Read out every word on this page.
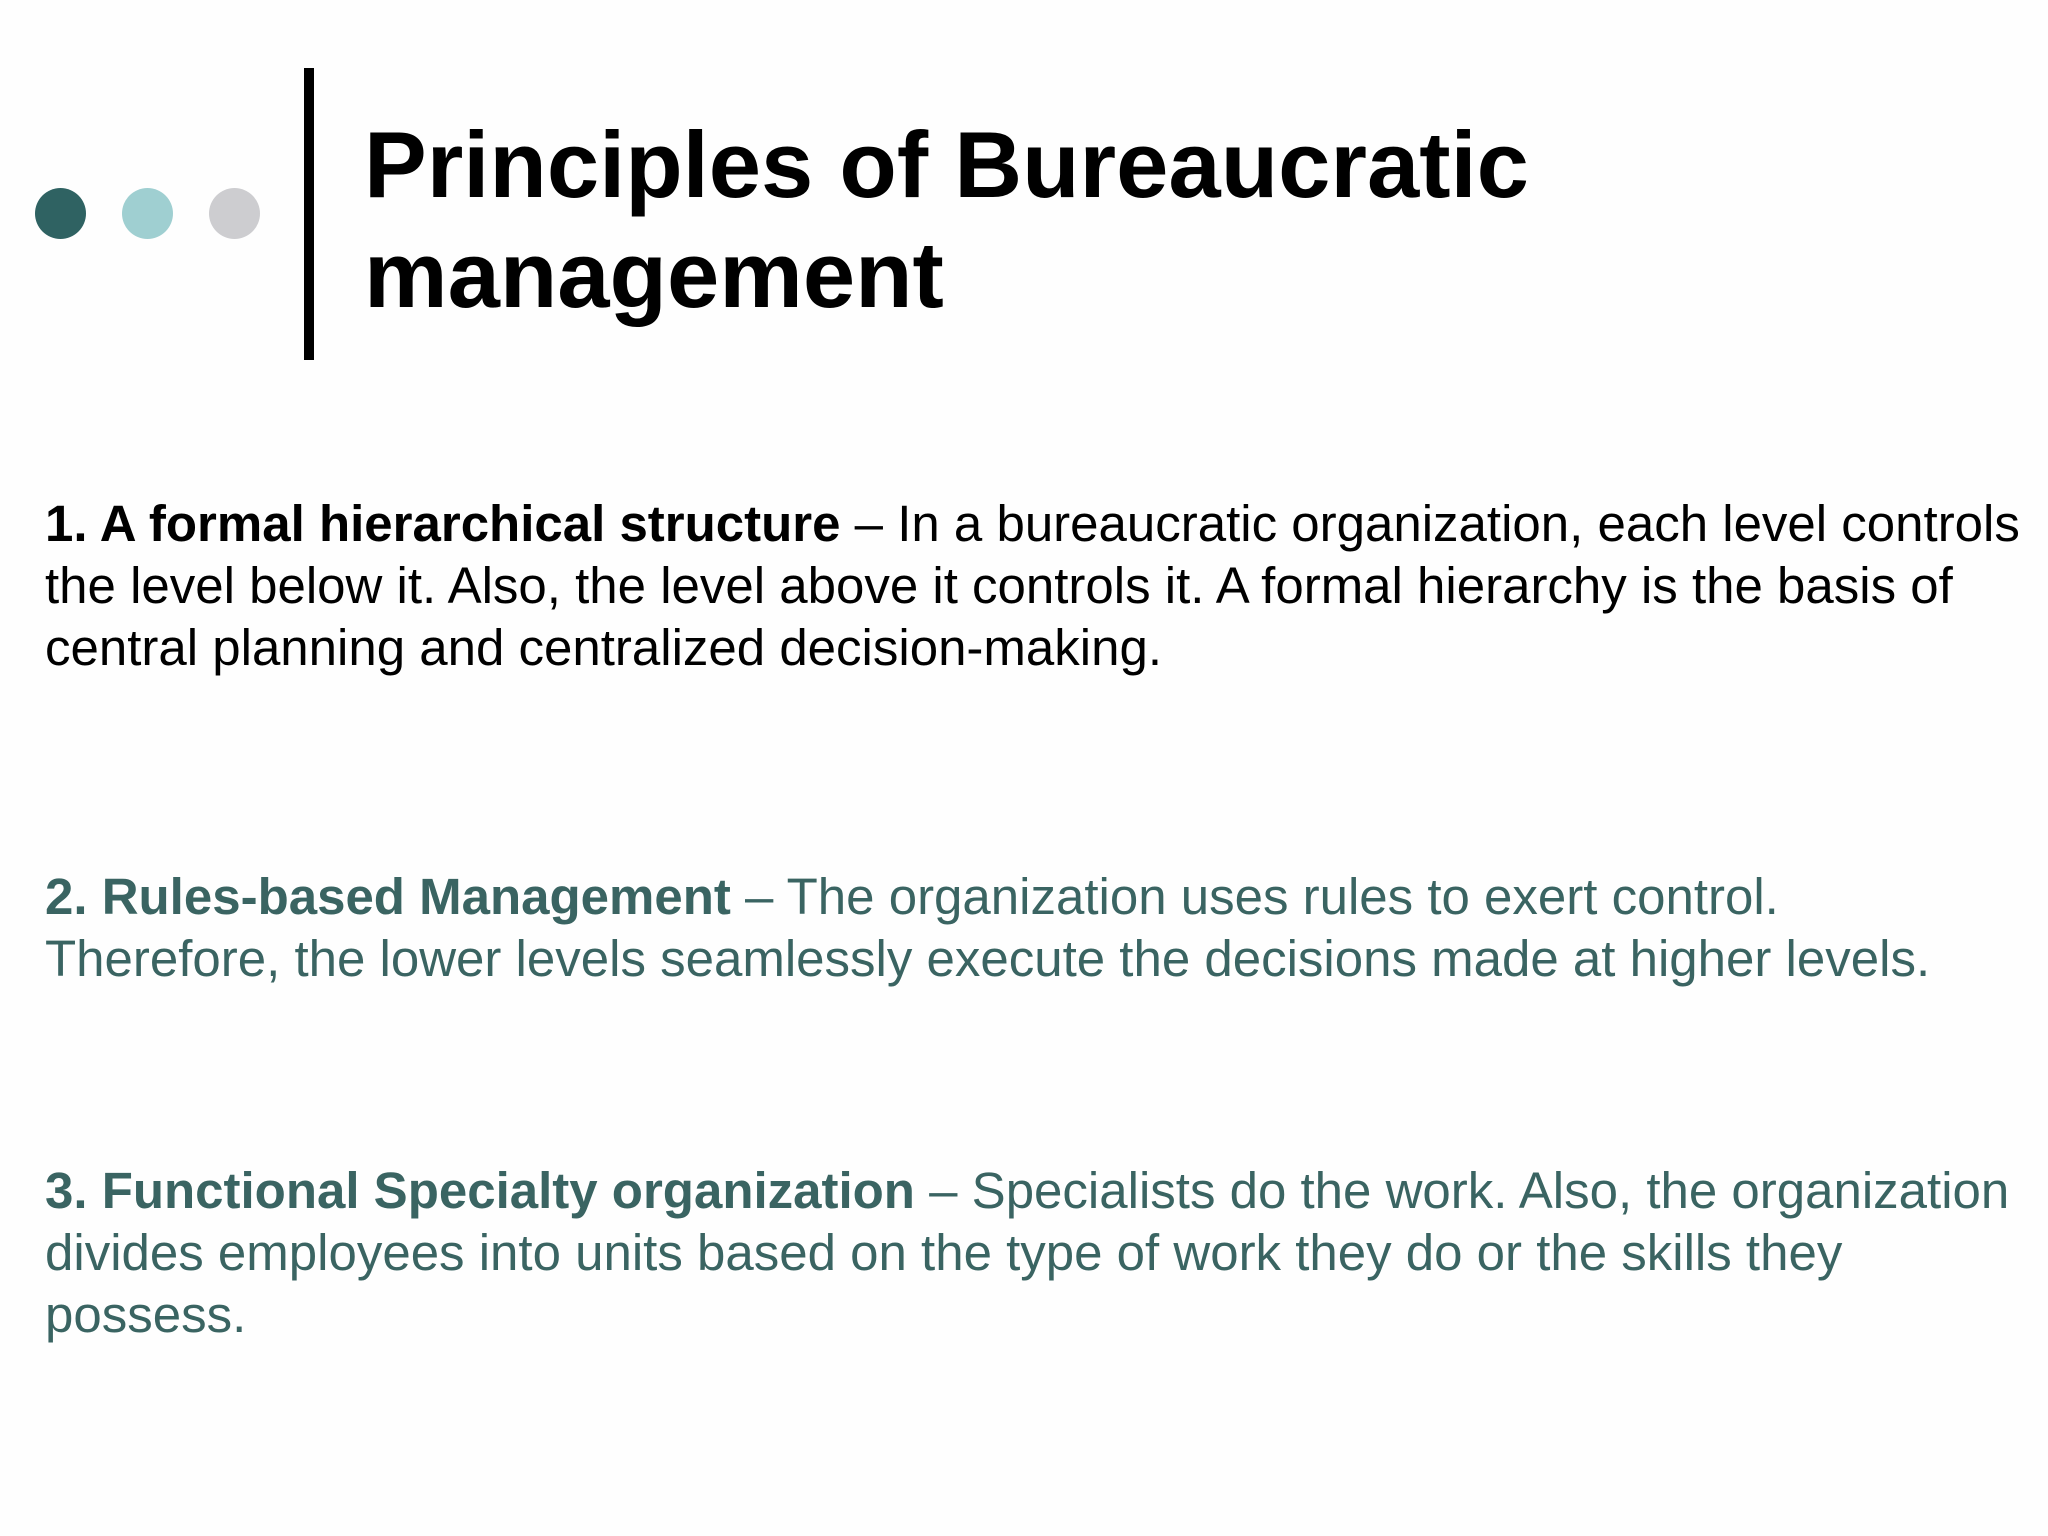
Principles of Bureaucratic management

1. A formal hierarchical structure – In a bureaucratic organization, each level controls the level below it. Also, the level above it controls it. A formal hierarchy is the basis of central planning and centralized decision-making.

2. Rules-based Management – The organization uses rules to exert control. Therefore, the lower levels seamlessly execute the decisions made at higher levels.

3. Functional Specialty organization – Specialists do the work. Also, the organization divides employees into units based on the type of work they do or the skills they possess.
